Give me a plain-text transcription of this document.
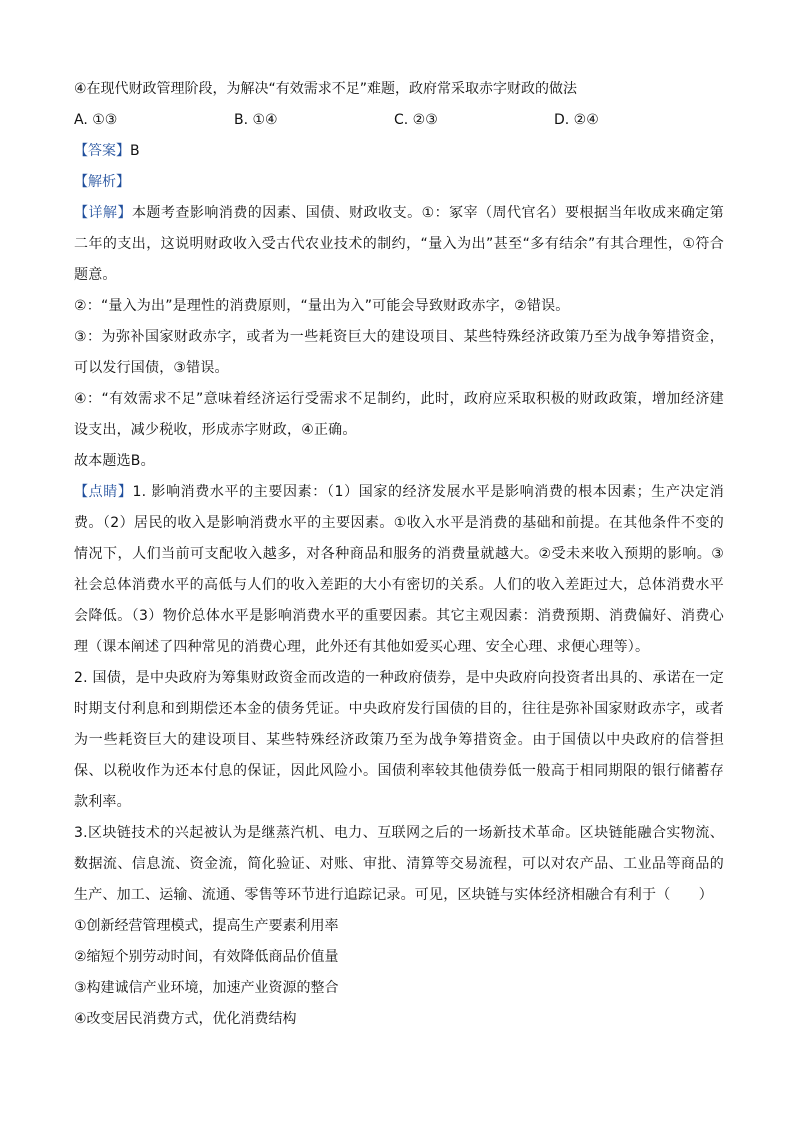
④在现代财政管理阶段，为解决“有效需求不足”难题，政府常采取赤字财政的做法

A. ①③	B. ①④	C. ②③	D. ②④
【答案】B
【解析】

【详解】本题考查影响消费的因素、国债、财政收支。①：冢宰（周代官名）要根据当年收成来确定第二年的支出，这说明财政收入受古代农业技术的制约，“量入为出”甚至“多有结余”有其合理性，①符合题意。

②：“量入为出”是理性的消费原则，“量出为入”可能会导致财政赤字，②错误。

③：为弥补国家财政赤字，或者为一些耗资巨大的建设项目、某些特殊经济政策乃至为战争筹措资金，可以发行国债，③错误。

④：“有效需求不足”意味着经济运行受需求不足制约，此时，政府应采取积极的财政政策，增加经济建设支出，减少税收，形成赤字财政，④正确。

故本题选B。

【点睛】1. 影响消费水平的主要因素：（1）国家的经济发展水平是影响消费的根本因素；生产决定消费。（2）居民的收入是影响消费水平的主要因素。①收入水平是消费的基础和前提。在其他条件不变的情况下，人们当前可支配收入越多，对各种商品和服务的消费量就越大。②受未来收入预期的影响。③社会总体消费水平的高低与人们的收入差距的大小有密切的关系。人们的收入差距过大，总体消费水平会降低。（3）物价总体水平是影响消费水平的重要因素。其它主观因素：消费预期、消费偏好、消费心理（课本阐述了四种常见的消费心理，此外还有其他如爱买心理、安全心理、求便心理等）。

2. 国债，是中央政府为筹集财政资金而改造的一种政府债券，是中央政府向投资者出具的、承诺在一定时期支付利息和到期偿还本金的债务凭证。中央政府发行国债的目的，往往是弥补国家财政赤字，或者为一些耗资巨大的建设项目、某些特殊经济政策乃至为战争筹措资金。由于国债以中央政府的信誉担保、以税收作为还本付息的保证，因此风险小。国债利率较其他债券低一般高于相同期限的银行储蓄存款利率。

3.区块链技术的兴起被认为是继蒸汽机、电力、互联网之后的一场新技术革命。区块链能融合实物流、数据流、信息流、资金流，简化验证、对账、审批、清算等交易流程，可以对农产品、工业品等商品的生产、加工、运输、流通、零售等环节进行追踪记录。可见，区块链与实体经济相融合有利于（　　）

①创新经营管理模式，提高生产要素利用率

②缩短个别劳动时间，有效降低商品价值量

③构建诚信产业环境，加速产业资源的整合

④改变居民消费方式，优化消费结构
